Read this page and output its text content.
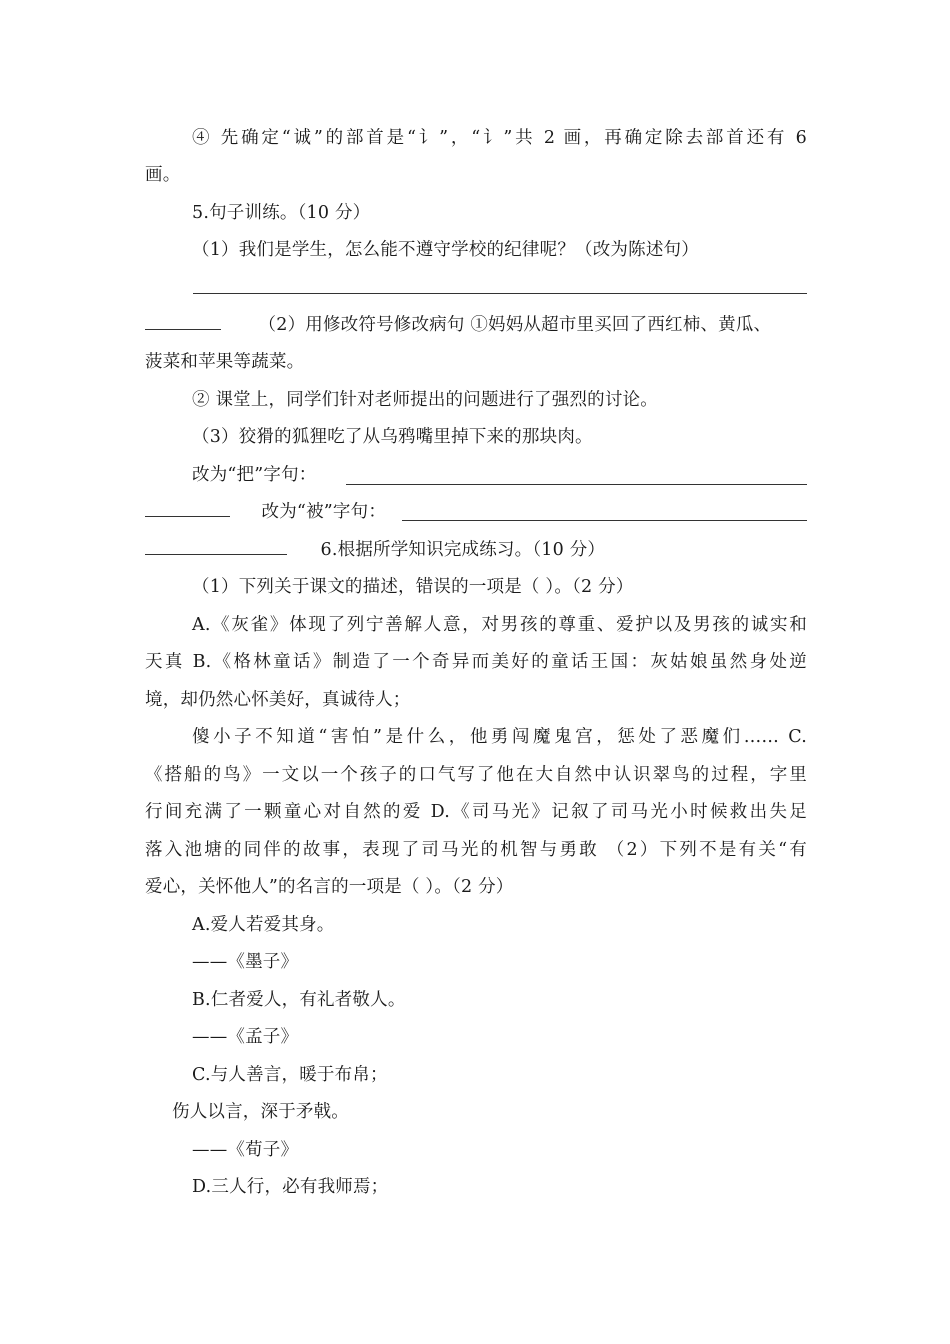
④ 先确定“诚”的部首是“讠”，“讠”共 2 画，再确定除去部首还有 6
画。
5.句子训练。（10 分）
（1）我们是学生，怎么能不遵守学校的纪律呢？（改为陈述句）
（2）用修改符号修改病句 ①妈妈从超市里买回了西红柿、黄瓜、
菠菜和苹果等蔬菜。
② 课堂上，同学们针对老师提出的问题进行了强烈的讨论。
（3）狡猾的狐狸吃了从乌鸦嘴里掉下来的那块肉。
改为“把”字句：
改为“被”字句：
6.根据所学知识完成练习。（10 分）
（1）下列关于课文的描述，错误的一项是（ ）。（2 分）
A.《灰雀》体现了列宁善解人意，对男孩的尊重、爱护以及男孩的诚实和
天真 B.《格林童话》制造了一个奇异而美好的童话王国：灰姑娘虽然身处逆
境，却仍然心怀美好，真诚待人；
傻小子不知道“害怕”是什么，他勇闯魔鬼宫，惩处了恶魔们…… C.
《搭船的鸟》一文以一个孩子的口气写了他在大自然中认识翠鸟的过程，字里
行间充满了一颗童心对自然的爱 D.《司马光》记叙了司马光小时候救出失足
落入池塘的同伴的故事，表现了司马光的机智与勇敢 （2）下列不是有关“有
爱心，关怀他人”的名言的一项是（ ）。（2 分）
A.爱人若爱其身。
——《墨子》
B.仁者爱人，有礼者敬人。
——《孟子》
C.与人善言，暖于布帛；
伤人以言，深于矛戟。
——《荀子》
D.三人行，必有我师焉；
